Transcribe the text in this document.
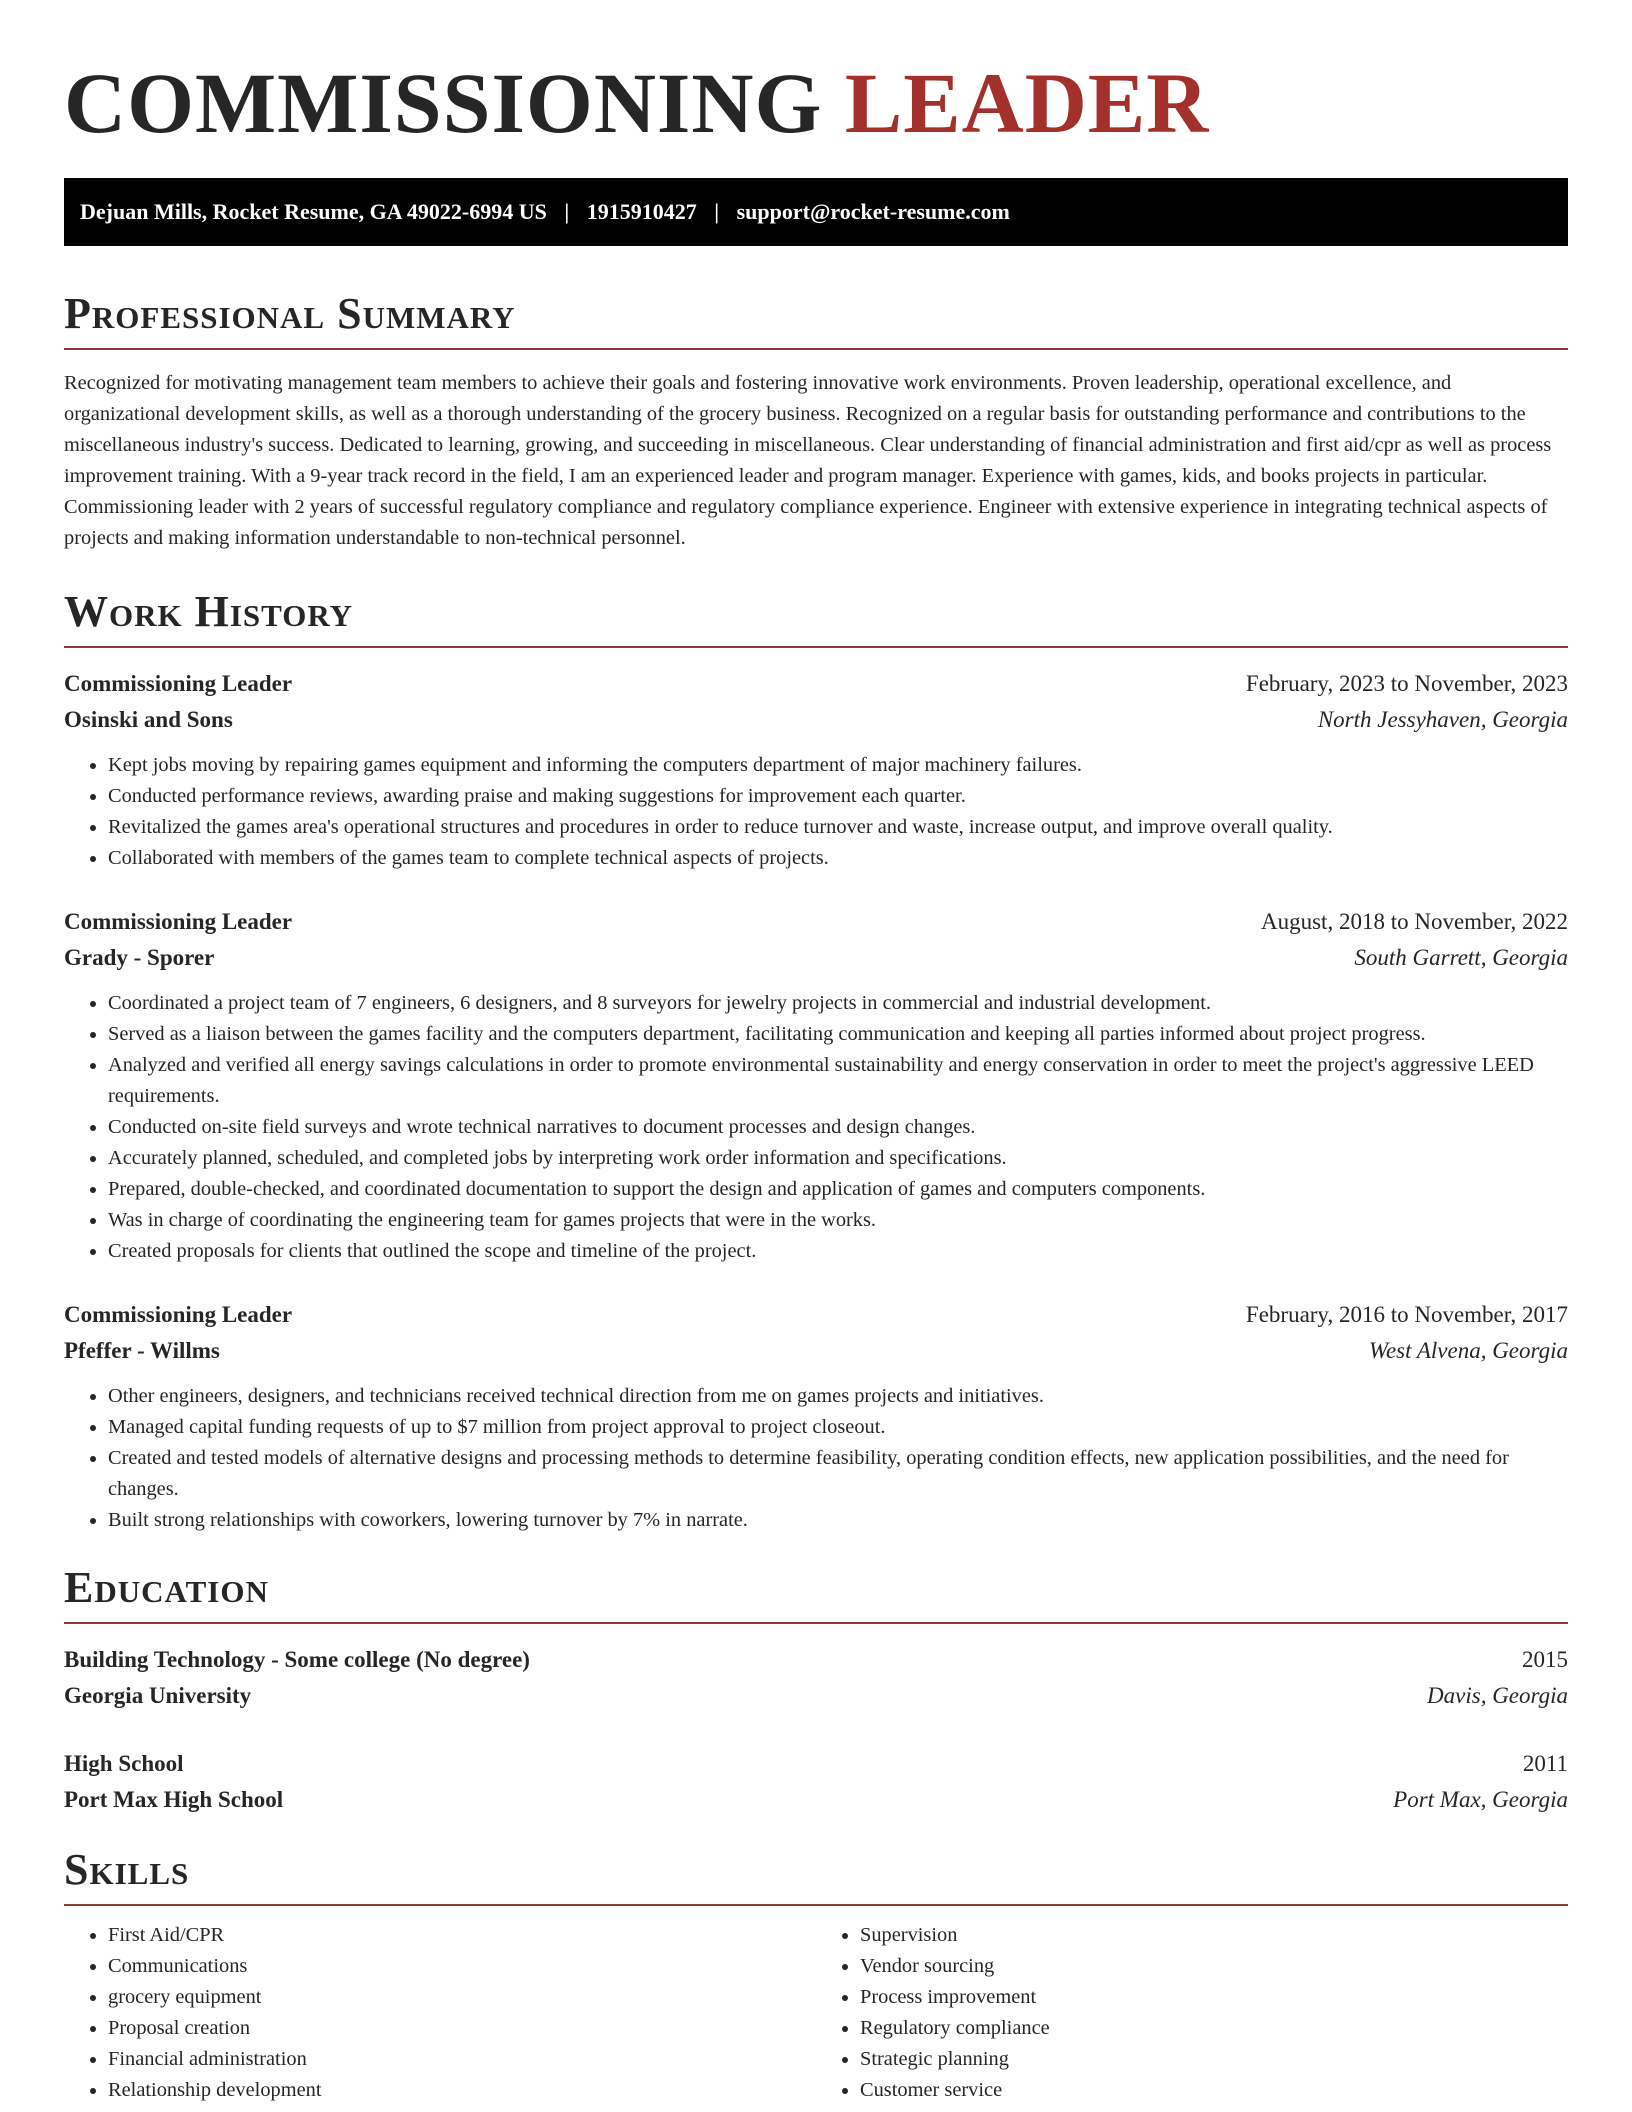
COMMISSIONING LEADER
Dejuan Mills, Rocket Resume, GA 49022-6994 US | 1915910427 | support@rocket-resume.com
Professional Summary

Recognized for motivating management team members to achieve their goals and fostering innovative work environments. Proven leadership, operational excellence, and organizational development skills, as well as a thorough understanding of the grocery business. Recognized on a regular basis for outstanding performance and contributions to the miscellaneous industry's success. Dedicated to learning, growing, and succeeding in miscellaneous. Clear understanding of financial administration and first aid/cpr as well as process improvement training. With a 9-year track record in the field, I am an experienced leader and program manager. Experience with games, kids, and books projects in particular. Commissioning leader with 2 years of successful regulatory compliance and regulatory compliance experience. Engineer with extensive experience in integrating technical aspects of projects and making information understandable to non-technical personnel.

Work History
Commissioning Leader	February, 2023 to November, 2023
Osinski and Sons	North Jessyhaven, Georgia
• Kept jobs moving by repairing games equipment and informing the computers department of major machinery failures.
• Conducted performance reviews, awarding praise and making suggestions for improvement each quarter.
• Revitalized the games area's operational structures and procedures in order to reduce turnover and waste, increase output, and improve overall quality.
• Collaborated with members of the games team to complete technical aspects of projects.
Commissioning Leader	August, 2018 to November, 2022
Grady - Sporer	South Garrett, Georgia
• Coordinated a project team of 7 engineers, 6 designers, and 8 surveyors for jewelry projects in commercial and industrial development.
• Served as a liaison between the games facility and the computers department, facilitating communication and keeping all parties informed about project progress.
• Analyzed and verified all energy savings calculations in order to promote environmental sustainability and energy conservation in order to meet the project's aggressive LEED requirements.
• Conducted on-site field surveys and wrote technical narratives to document processes and design changes.
• Accurately planned, scheduled, and completed jobs by interpreting work order information and specifications.
• Prepared, double-checked, and coordinated documentation to support the design and application of games and computers components.
• Was in charge of coordinating the engineering team for games projects that were in the works.
• Created proposals for clients that outlined the scope and timeline of the project.
Commissioning Leader	February, 2016 to November, 2017
Pfeffer - Willms	West Alvena, Georgia
• Other engineers, designers, and technicians received technical direction from me on games projects and initiatives.
• Managed capital funding requests of up to $7 million from project approval to project closeout.
• Created and tested models of alternative designs and processing methods to determine feasibility, operating condition effects, new application possibilities, and the need for changes.
• Built strong relationships with coworkers, lowering turnover by 7% in narrate.
Education
Building Technology - Some college (No degree)	2015
Georgia University	Davis, Georgia
High School	2011
Port Max High School	Port Max, Georgia
Skills
• First Aid/CPR
• Communications
• grocery equipment
• Proposal creation
• Financial administration
• Relationship development
• Supervision
• Vendor sourcing
• Process improvement
• Regulatory compliance
• Strategic planning
• Customer service
